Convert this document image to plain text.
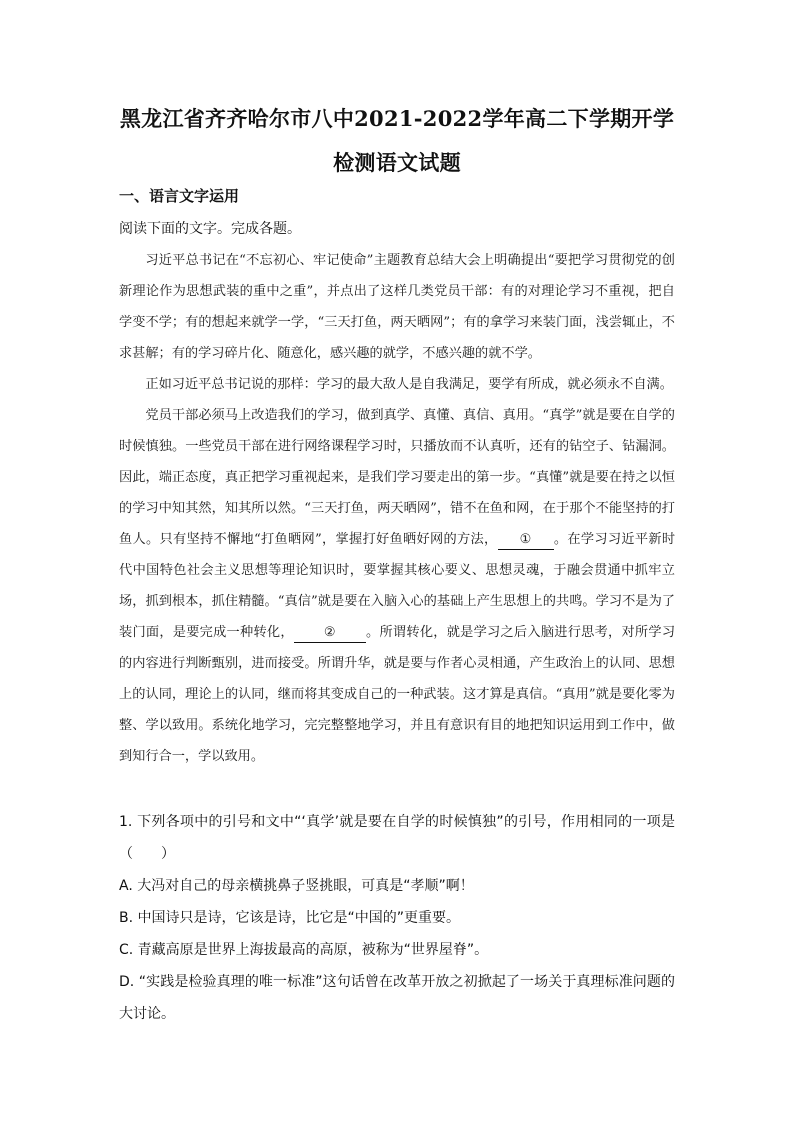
黑龙江省齐齐哈尔市八中2021-2022学年高二下学期开学
检测语文试题
一、语言文字运用
阅读下面的文字。完成各题。

习近平总书记在“不忘初心、牢记使命”主题教育总结大会上明确提出“要把学习贯彻党的创新理论作为思想武装的重中之重”，并点出了这样几类党员干部：有的对理论学习不重视，把自学变不学；有的想起来就学一学，“三天打鱼，两天晒网”；有的拿学习来装门面，浅尝辄止，不求甚解；有的学习碎片化、随意化，感兴趣的就学，不感兴趣的就不学。

正如习近平总书记说的那样：学习的最大敌人是自我满足，要学有所成，就必须永不自满。

党员干部必须马上改造我们的学习，做到真学、真懂、真信、真用。“真学”就是要在自学的时候慎独。一些党员干部在进行网络课程学习时，只播放而不认真听，还有的钻空子、钻漏洞。因此，端正态度，真正把学习重视起来，是我们学习要走出的第一步。“真懂”就是要在持之以恒的学习中知其然，知其所以然。“三天打鱼，两天晒网”，错不在鱼和网，在于那个不能坚持的打鱼人。只有坚持不懈地“打鱼晒网”，掌握打好鱼晒好网的方法， ① 。在学习习近平新时代中国特色社会主义思想等理论知识时，要掌握其核心要义、思想灵魂，于融会贯通中抓牢立场，抓到根本，抓住精髓。“真信”就是要在入脑入心的基础上产生思想上的共鸣。学习不是为了装门面，是要完成一种转化， ② 。所谓转化，就是学习之后入脑进行思考，对所学习的内容进行判断甄别，进而接受。所谓升华，就是要与作者心灵相通，产生政治上的认同、思想上的认同，理论上的认同，继而将其变成自己的一种武装。这才算是真信。“真用”就是要化零为整、学以致用。系统化地学习，完完整整地学习，并且有意识有目的地把知识运用到工作中，做到知行合一，学以致用。

1. 下列各项中的引号和文中“‘真学’就是要在自学的时候慎独”的引号，作用相同的一项是（　　）

A. 大冯对自己的母亲横挑鼻子竖挑眼，可真是“孝顺”啊！

B. 中国诗只是诗，它该是诗，比它是“中国的”更重要。

C. 青藏高原是世界上海拔最高的高原，被称为“世界屋脊”。

D. “实践是检验真理的唯一标准”这句话曾在改革开放之初掀起了一场关于真理标准问题的大讨论。
